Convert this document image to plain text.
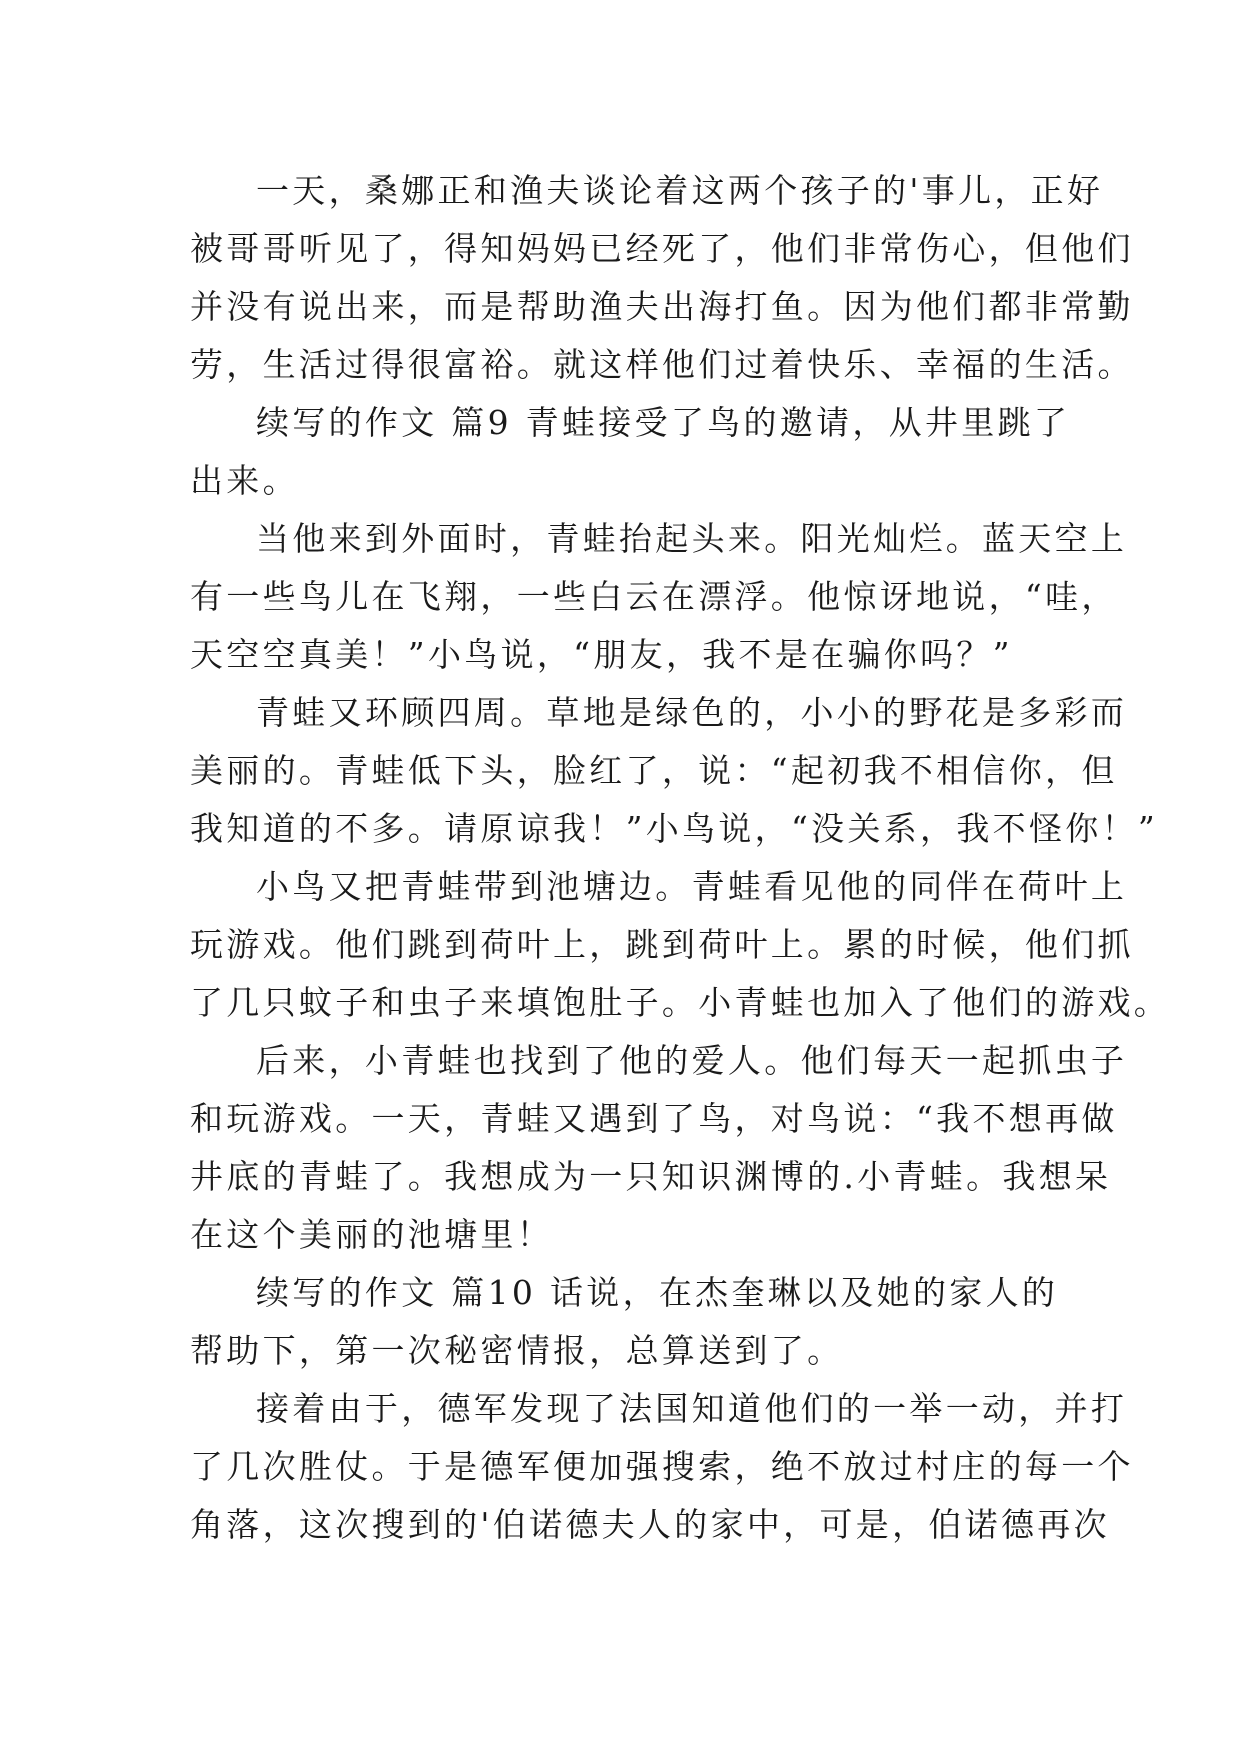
一天，桑娜正和渔夫谈论着这两个孩子的'事儿，正好
被哥哥听见了，得知妈妈已经死了，他们非常伤心，但他们
并没有说出来，而是帮助渔夫出海打鱼。因为他们都非常勤
劳，生活过得很富裕。就这样他们过着快乐、幸福的生活。
续写的作文 篇9 青蛙接受了鸟的邀请，从井里跳了
出来。
当他来到外面时，青蛙抬起头来。阳光灿烂。蓝天空上
有一些鸟儿在飞翔，一些白云在漂浮。他惊讶地说，“哇，
天空空真美！”小鸟说，“朋友，我不是在骗你吗？”
青蛙又环顾四周。草地是绿色的，小小的野花是多彩而
美丽的。青蛙低下头，脸红了，说：“起初我不相信你，但
我知道的不多。请原谅我！”小鸟说，“没关系，我不怪你！”
小鸟又把青蛙带到池塘边。青蛙看见他的同伴在荷叶上
玩游戏。他们跳到荷叶上，跳到荷叶上。累的时候，他们抓
了几只蚊子和虫子来填饱肚子。小青蛙也加入了他们的游戏。
后来，小青蛙也找到了他的爱人。他们每天一起抓虫子
和玩游戏。一天，青蛙又遇到了鸟，对鸟说：“我不想再做
井底的青蛙了。我想成为一只知识渊博的.小青蛙。我想呆
在这个美丽的池塘里！
续写的作文 篇10 话说，在杰奎琳以及她的家人的
帮助下，第一次秘密情报，总算送到了。
接着由于，德军发现了法国知道他们的一举一动，并打
了几次胜仗。于是德军便加强搜索，绝不放过村庄的每一个
角落，这次搜到的'伯诺德夫人的家中，可是，伯诺德再次
